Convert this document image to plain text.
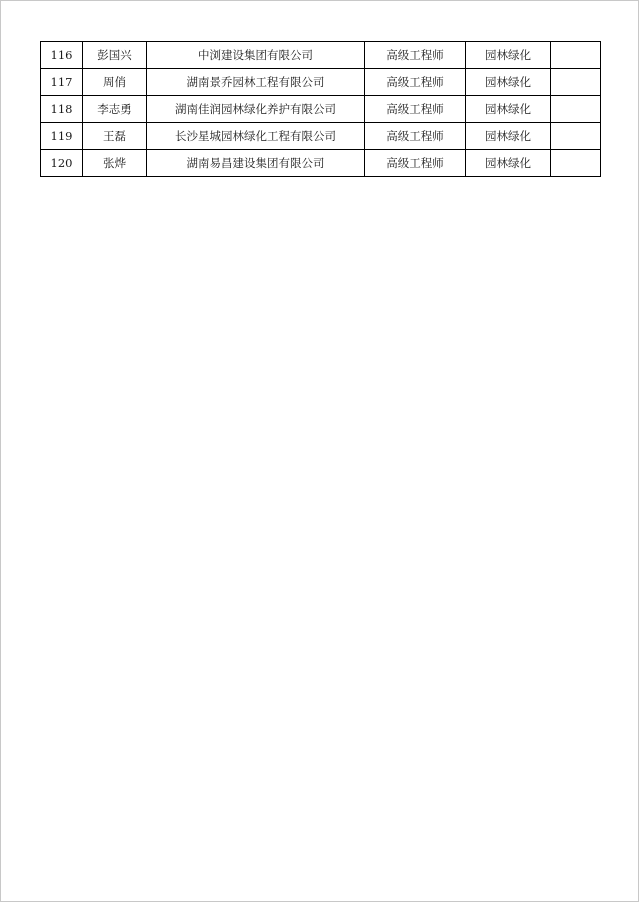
116	彭国兴	中浏建设集团有限公司	高级工程师	园林绿化	
117	周俏	湖南景乔园林工程有限公司	高级工程师	园林绿化	
118	李志勇	湖南佳润园林绿化养护有限公司	高级工程师	园林绿化	
119	王磊	长沙星城园林绿化工程有限公司	高级工程师	园林绿化	
120	张烨	湖南易昌建设集团有限公司	高级工程师	园林绿化	
